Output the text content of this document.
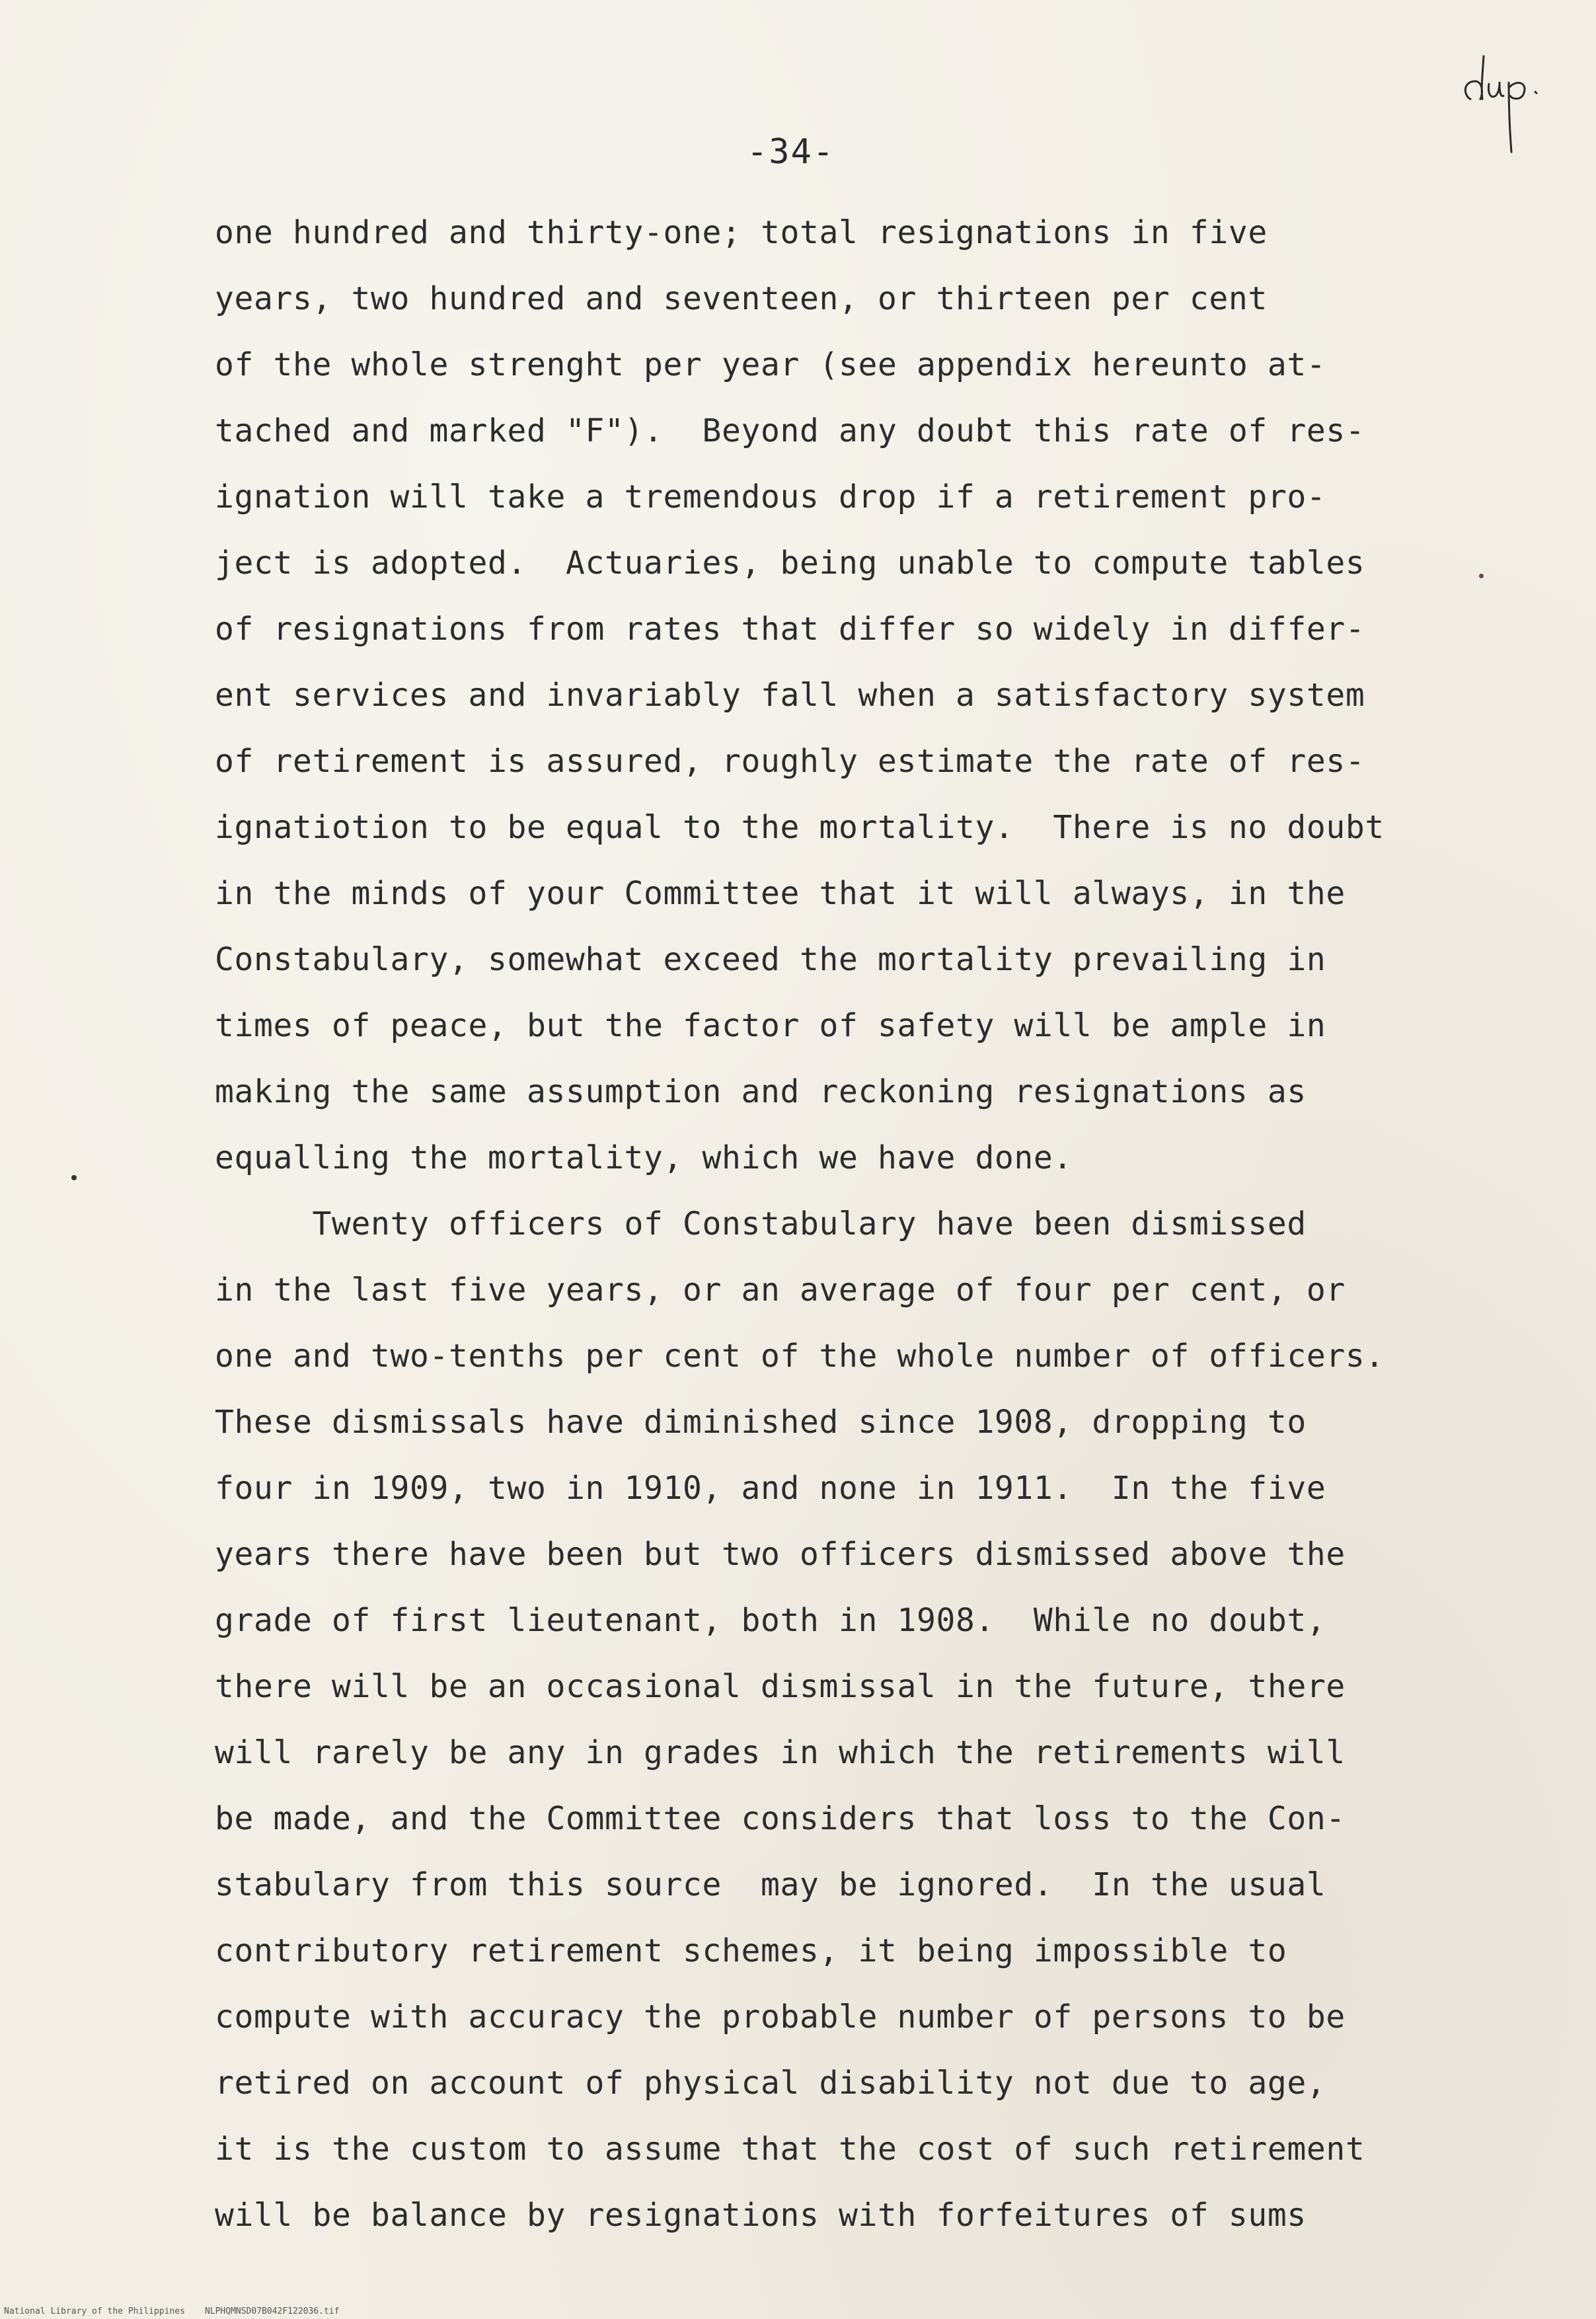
-34-
one hundred and thirty-one; total resignations in five
years, two hundred and seventeen, or thirteen per cent
of the whole strenght per year (see appendix hereunto at-
tached and marked "F").  Beyond any doubt this rate of res-
ignation will take a tremendous drop if a retirement pro-
ject is adopted.  Actuaries, being unable to compute tables
of resignations from rates that differ so widely in differ-
ent services and invariably fall when a satisfactory system
of retirement is assured, roughly estimate the rate of res-
ignatiotion to be equal to the mortality.  There is no doubt
in the minds of your Committee that it will always, in the
Constabulary, somewhat exceed the mortality prevailing in
times of peace, but the factor of safety will be ample in
making the same assumption and reckoning resignations as
equalling the mortality, which we have done.
Twenty officers of Constabulary have been dismissed
in the last five years, or an average of four per cent, or
one and two-tenths per cent of the whole number of officers.
These dismissals have diminished since 1908, dropping to
four in 1909, two in 1910, and none in 1911.  In the five
years there have been but two officers dismissed above the
grade of first lieutenant, both in 1908.  While no doubt,
there will be an occasional dismissal in the future, there
will rarely be any in grades in which the retirements will
be made, and the Committee considers that loss to the Con-
stabulary from this source  may be ignored.  In the usual
contributory retirement schemes, it being impossible to
compute with accuracy the probable number of persons to be
retired on account of physical disability not due to age,
it is the custom to assume that the cost of such retirement
will be balance by resignations with forfeitures of sums
National Library of the Philippines NLPHQMNSD07B042F122036.tif
